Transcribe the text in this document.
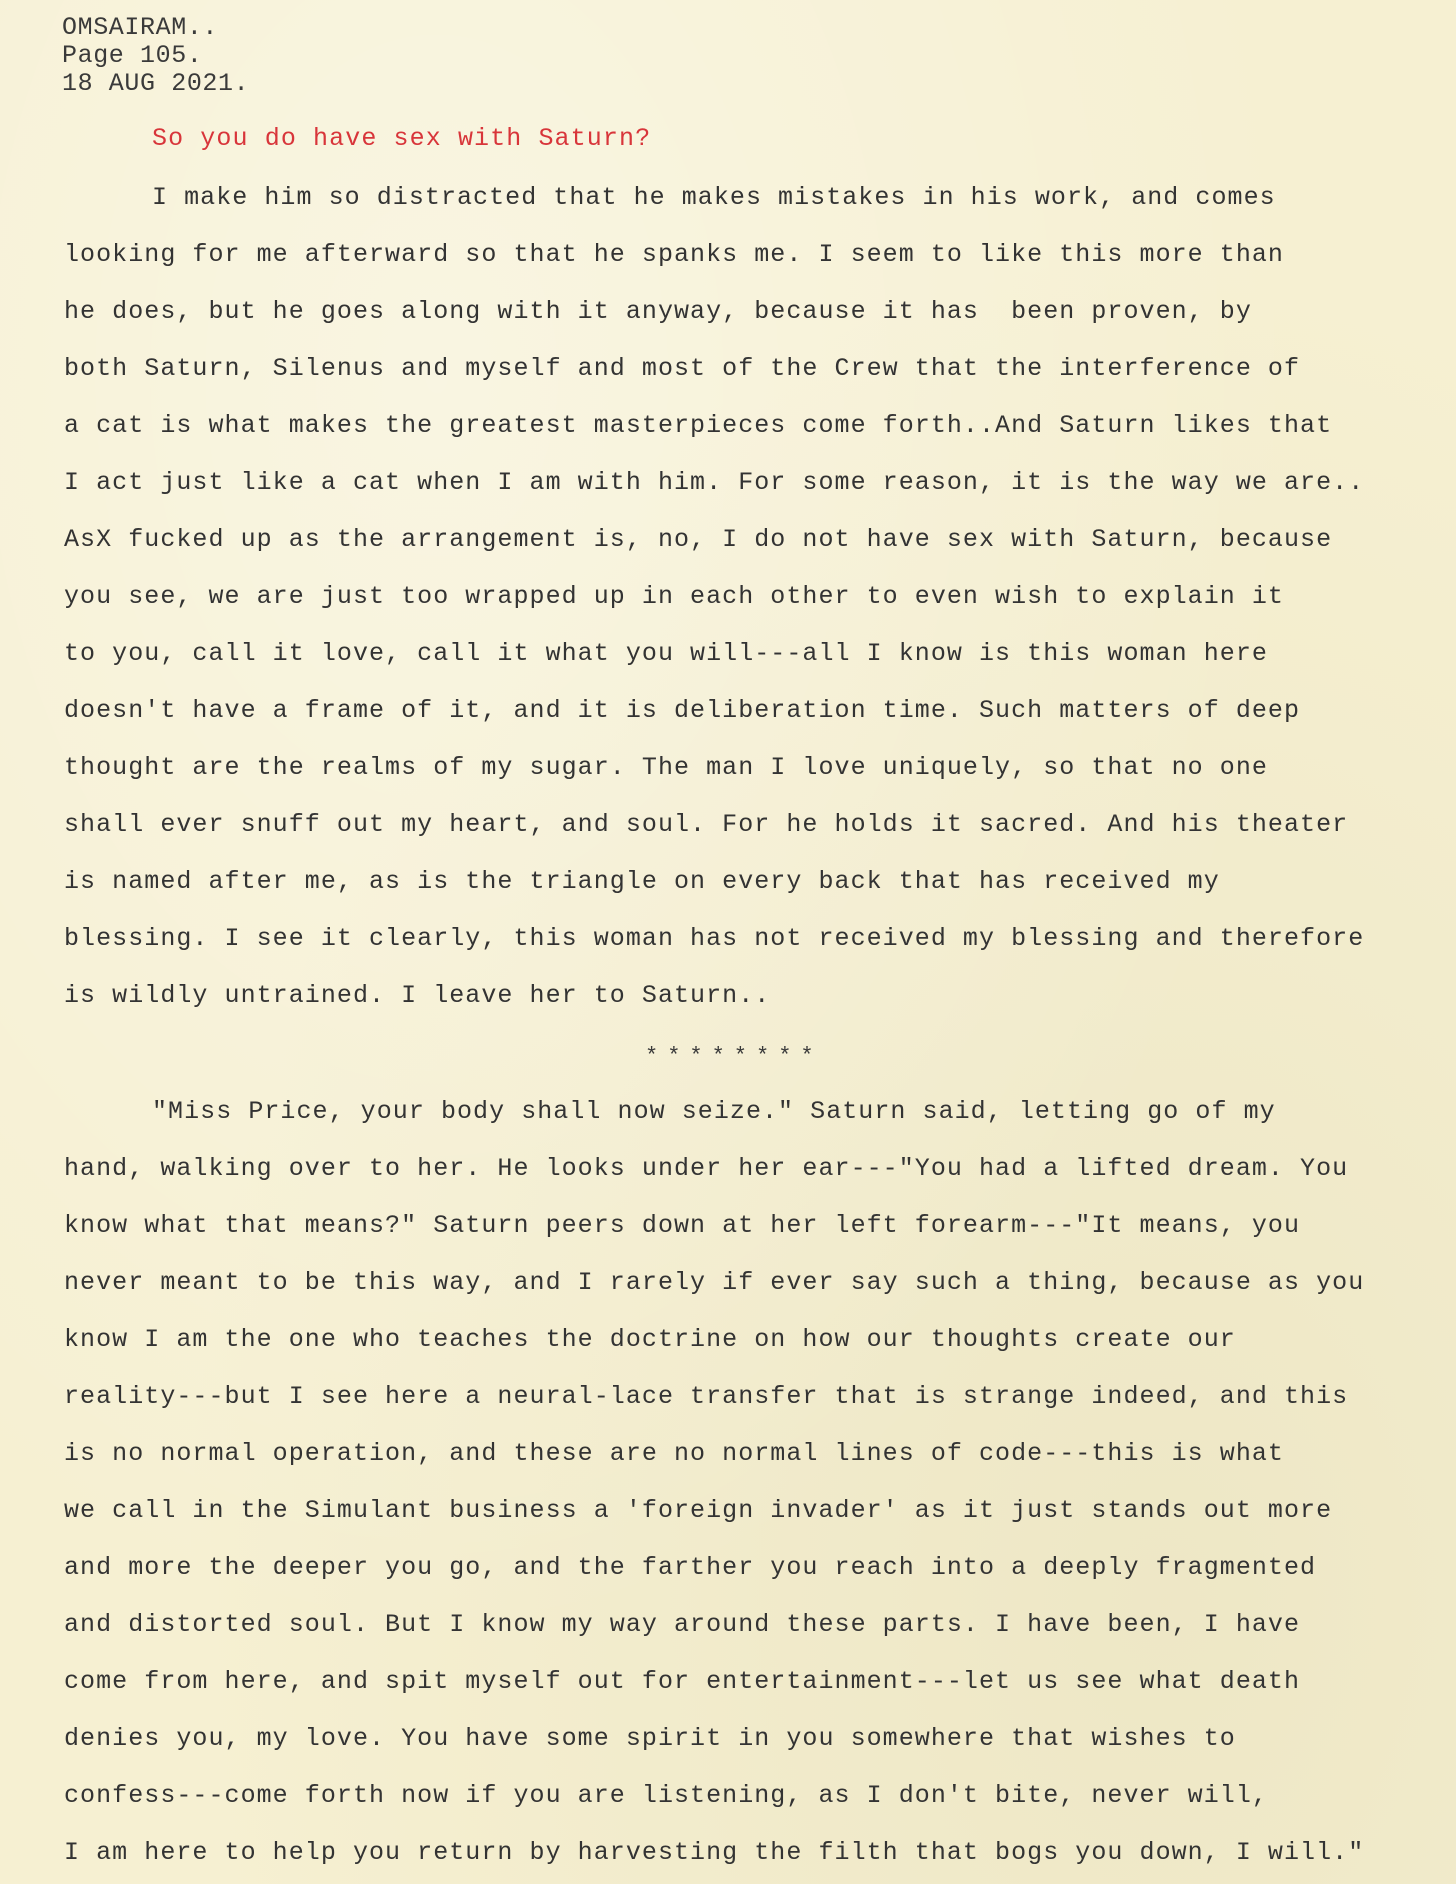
OMSAIRAM..
Page 105.
18 AUG 2021.
So you do have sex with Saturn?
I make him so distracted that he makes mistakes in his work, and comes
looking for me afterward so that he spanks me. I seem to like this more than
he does, but he goes along with it anyway, because it has  been proven, by
both Saturn, Silenus and myself and most of the Crew that the interference of
a cat is what makes the greatest masterpieces come forth..And Saturn likes that
I act just like a cat when I am with him. For some reason, it is the way we are..
AsX fucked up as the arrangement is, no, I do not have sex with Saturn, because
you see, we are just too wrapped up in each other to even wish to explain it
to you, call it love, call it what you will---all I know is this woman here
doesn't have a frame of it, and it is deliberation time. Such matters of deep
thought are the realms of my sugar. The man I love uniquely, so that no one
shall ever snuff out my heart, and soul. For he holds it sacred. And his theater
is named after me, as is the triangle on every back that has received my
blessing. I see it clearly, this woman has not received my blessing and therefore
is wildly untrained. I leave her to Saturn..
********
"Miss Price, your body shall now seize." Saturn said, letting go of my
hand, walking over to her. He looks under her ear---"You had a lifted dream. You
know what that means?" Saturn peers down at her left forearm---"It means, you
never meant to be this way, and I rarely if ever say such a thing, because as you
know I am the one who teaches the doctrine on how our thoughts create our
reality---but I see here a neural-lace transfer that is strange indeed, and this
is no normal operation, and these are no normal lines of code---this is what
we call in the Simulant business a 'foreign invader' as it just stands out more
and more the deeper you go, and the farther you reach into a deeply fragmented
and distorted soul. But I know my way around these parts. I have been, I have
come from here, and spit myself out for entertainment---let us see what death
denies you, my love. You have some spirit in you somewhere that wishes to
confess---come forth now if you are listening, as I don't bite, never will,
I am here to help you return by harvesting the filth that bogs you down, I will."
